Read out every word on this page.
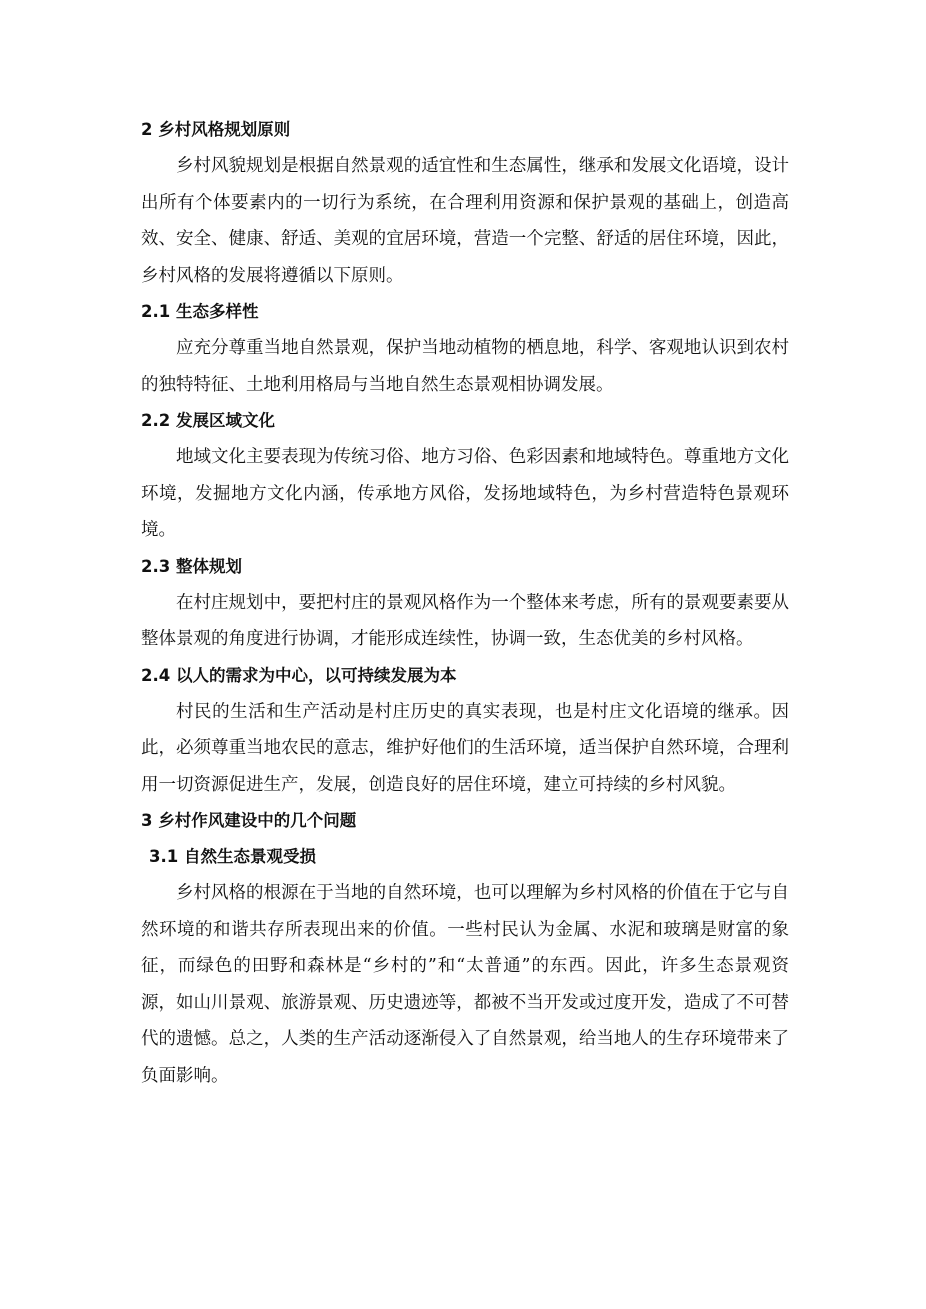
2 乡村风格规划原则

乡村风貌规划是根据自然景观的适宜性和生态属性，继承和发展文化语境，设计出所有个体要素内的一切行为系统，在合理利用资源和保护景观的基础上，创造高效、安全、健康、舒适、美观的宜居环境，营造一个完整、舒适的居住环境，因此，乡村风格的发展将遵循以下原则。

2.1 生态多样性

应充分尊重当地自然景观，保护当地动植物的栖息地，科学、客观地认识到农村的独特特征、土地利用格局与当地自然生态景观相协调发展。

2.2 发展区域文化

地域文化主要表现为传统习俗、地方习俗、色彩因素和地域特色。尊重地方文化环境，发掘地方文化内涵，传承地方风俗，发扬地域特色，为乡村营造特色景观环境。

2.3 整体规划

在村庄规划中，要把村庄的景观风格作为一个整体来考虑，所有的景观要素要从整体景观的角度进行协调，才能形成连续性，协调一致，生态优美的乡村风格。

2.4 以人的需求为中心，以可持续发展为本

村民的生活和生产活动是村庄历史的真实表现，也是村庄文化语境的继承。因此，必须尊重当地农民的意志，维护好他们的生活环境，适当保护自然环境，合理利用一切资源促进生产，发展，创造良好的居住环境，建立可持续的乡村风貌。

3 乡村作风建设中的几个问题

3.1 自然生态景观受损

乡村风格的根源在于当地的自然环境，也可以理解为乡村风格的价值在于它与自然环境的和谐共存所表现出来的价值。一些村民认为金属、水泥和玻璃是财富的象征，而绿色的田野和森林是“乡村的”和“太普通”的东西。因此，许多生态景观资源，如山川景观、旅游景观、历史遗迹等，都被不当开发或过度开发，造成了不可替代的遗憾。总之，人类的生产活动逐渐侵入了自然景观，给当地人的生存环境带来了负面影响。
